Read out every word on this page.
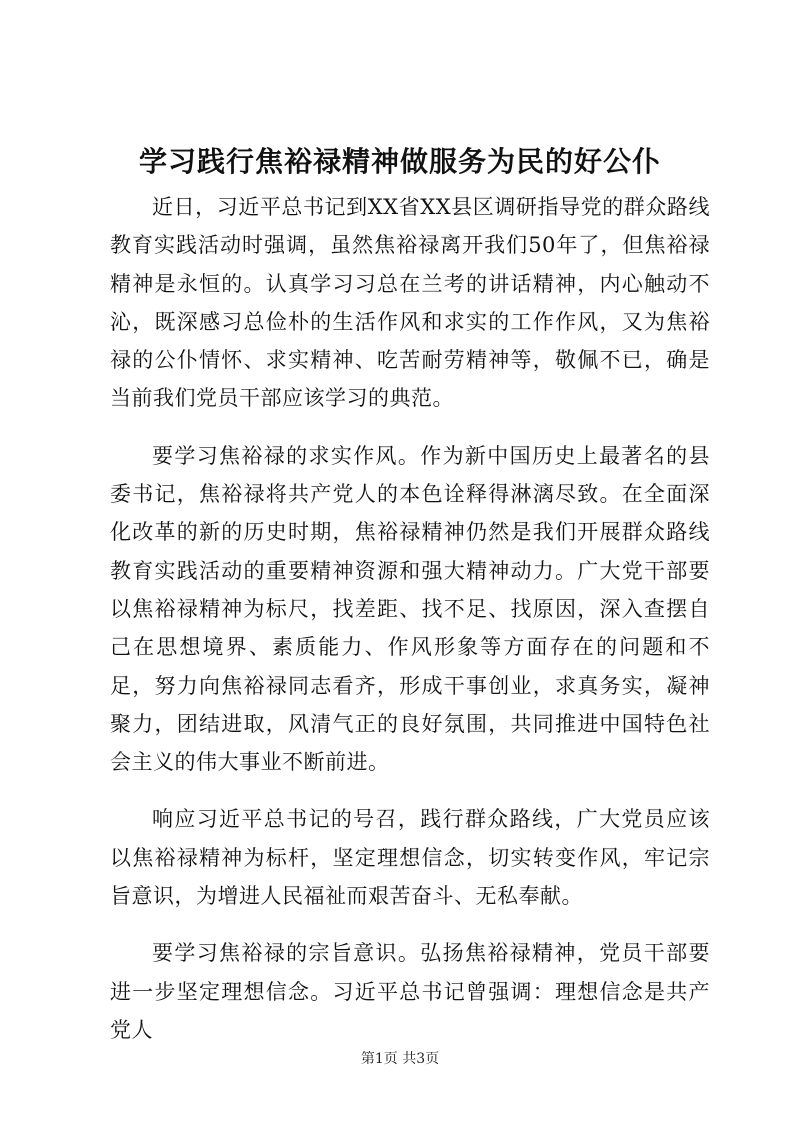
学习践行焦裕禄精神做服务为民的好公仆

近日，习近平总书记到XX省XX县区调研指导党的群众路线教育实践活动时强调，虽然焦裕禄离开我们50年了，但焦裕禄精神是永恒的。认真学习习总在兰考的讲话精神，内心触动不沁，既深感习总俭朴的生活作风和求实的工作作风，又为焦裕禄的公仆情怀、求实精神、吃苦耐劳精神等，敬佩不已，确是当前我们党员干部应该学习的典范。

要学习焦裕禄的求实作风。作为新中国历史上最著名的县委书记，焦裕禄将共产党人的本色诠释得淋漓尽致。在全面深化改革的新的历史时期，焦裕禄精神仍然是我们开展群众路线教育实践活动的重要精神资源和强大精神动力。广大党干部要以焦裕禄精神为标尺，找差距、找不足、找原因，深入查摆自己在思想境界、素质能力、作风形象等方面存在的问题和不足，努力向焦裕禄同志看齐，形成干事创业，求真务实，凝神聚力，团结进取，风清气正的良好氛围，共同推进中国特色社会主义的伟大事业不断前进。

响应习近平总书记的号召，践行群众路线，广大党员应该以焦裕禄精神为标杆，坚定理想信念，切实转变作风，牢记宗旨意识，为增进人民福祉而艰苦奋斗、无私奉献。

要学习焦裕禄的宗旨意识。弘扬焦裕禄精神，党员干部要进一步坚定理想信念。习近平总书记曾强调：理想信念是共产党人

第1页 共3页
